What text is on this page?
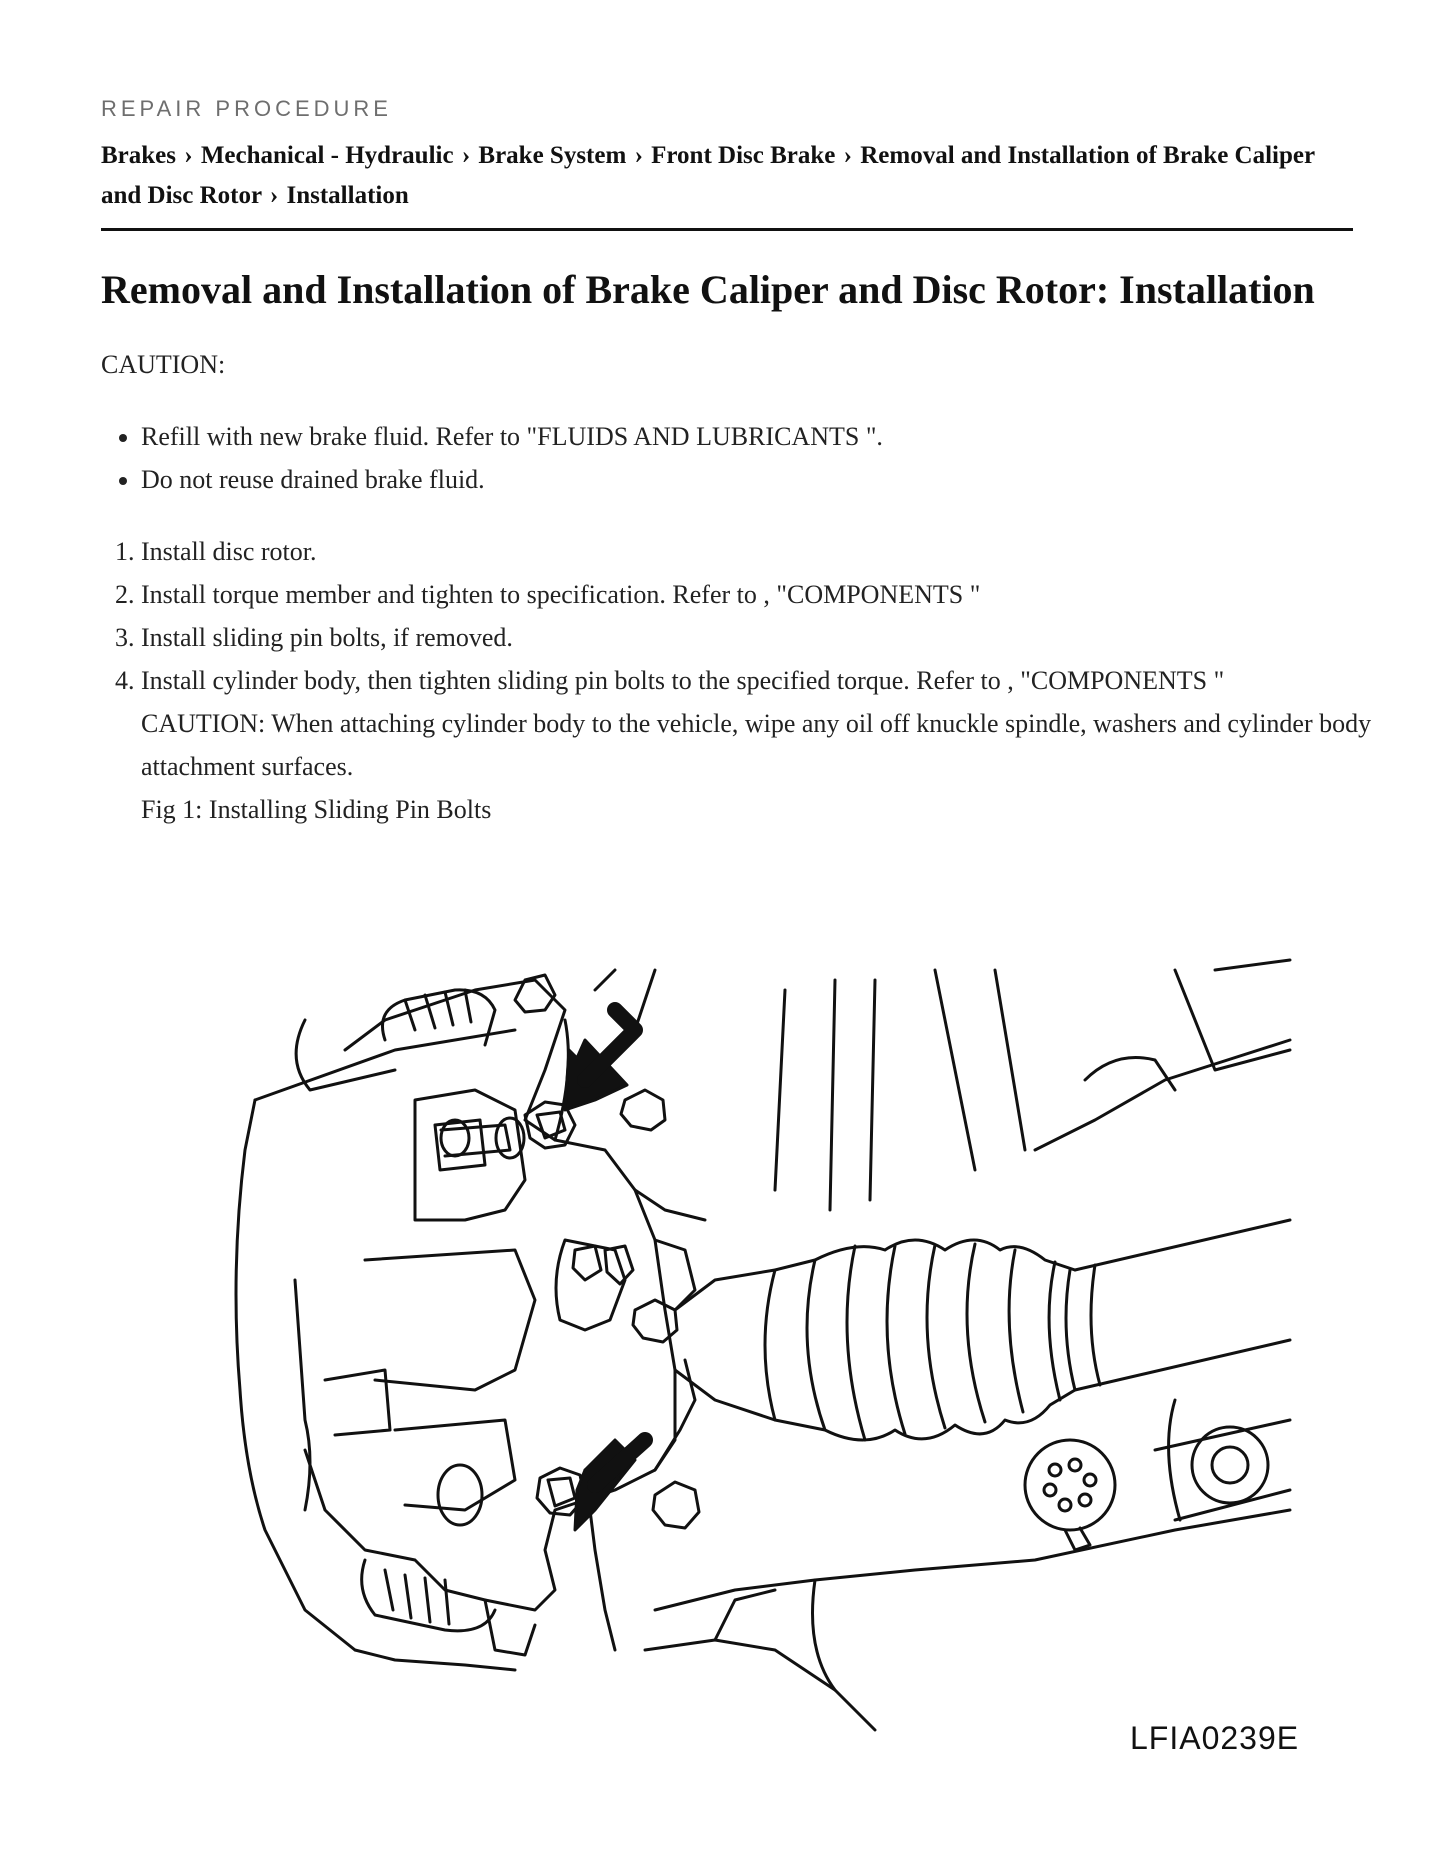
REPAIR PROCEDURE
Brakes › Mechanical - Hydraulic › Brake System › Front Disc Brake › Removal and Installation of Brake Caliper and Disc Rotor › Installation
Removal and Installation of Brake Caliper and Disc Rotor: Installation
CAUTION:
• Refill with new brake fluid. Refer to "FLUIDS AND LUBRICANTS ".
• Do not reuse drained brake fluid.
1. Install disc rotor.
2. Install torque member and tighten to specification. Refer to , "COMPONENTS "
3. Install sliding pin bolts, if removed.
4. Install cylinder body, then tighten sliding pin bolts to the specified torque. Refer to , "COMPONENTS "
CAUTION: When attaching cylinder body to the vehicle, wipe any oil off knuckle spindle, washers and cylinder body attachment surfaces.
Fig 1: Installing Sliding Pin Bolts
LFIA0239E
